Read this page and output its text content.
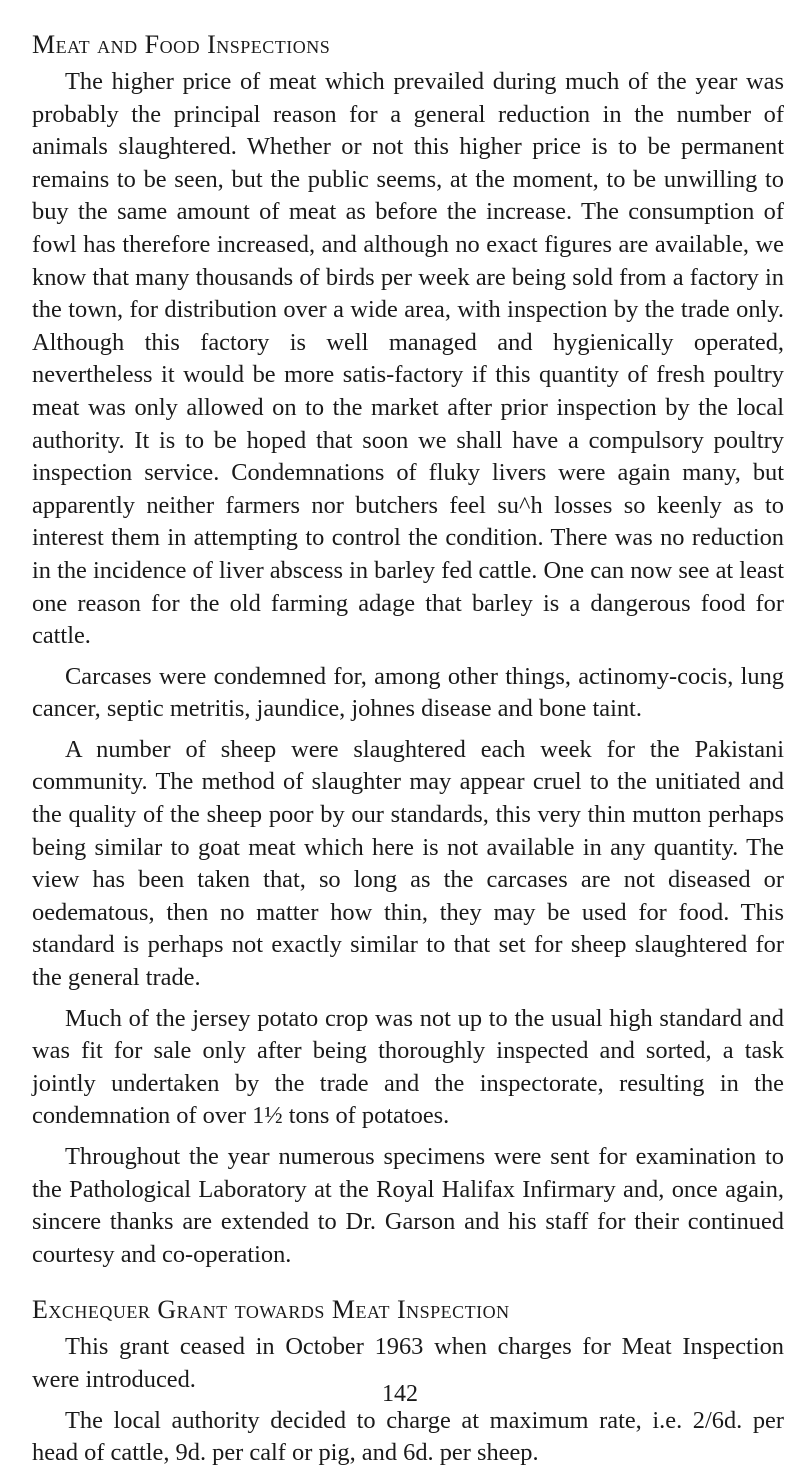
Meat and Food Inspections

The higher price of meat which prevailed during much of the year was probably the principal reason for a general reduction in the number of animals slaughtered. Whether or not this higher price is to be permanent remains to be seen, but the public seems, at the moment, to be unwilling to buy the same amount of meat as before the increase. The consumption of fowl has therefore increased, and although no exact figures are available, we know that many thousands of birds per week are being sold from a factory in the town, for distribution over a wide area, with inspection by the trade only. Although this factory is well managed and hygienically operated, nevertheless it would be more satis-factory if this quantity of fresh poultry meat was only allowed on to the market after prior inspection by the local authority. It is to be hoped that soon we shall have a compulsory poultry inspection service. Condemnations of fluky livers were again many, but apparently neither farmers nor butchers feel su^h losses so keenly as to interest them in attempting to control the condition. There was no reduction in the incidence of liver abscess in barley fed cattle. One can now see at least one reason for the old farming adage that barley is a dangerous food for cattle.

Carcases were condemned for, among other things, actinomy-cocis, lung cancer, septic metritis, jaundice, johnes disease and bone taint.

A number of sheep were slaughtered each week for the Pakistani community. The method of slaughter may appear cruel to the unitiated and the quality of the sheep poor by our standards, this very thin mutton perhaps being similar to goat meat which here is not available in any quantity. The view has been taken that, so long as the carcases are not diseased or oedematous, then no matter how thin, they may be used for food. This standard is perhaps not exactly similar to that set for sheep slaughtered for the general trade.

Much of the jersey potato crop was not up to the usual high standard and was fit for sale only after being thoroughly inspected and sorted, a task jointly undertaken by the trade and the inspectorate, resulting in the condemnation of over 1½ tons of potatoes.

Throughout the year numerous specimens were sent for examination to the Pathological Laboratory at the Royal Halifax Infirmary and, once again, sincere thanks are extended to Dr. Garson and his staff for their continued courtesy and co-operation.

Exchequer Grant towards Meat Inspection

This grant ceased in October 1963 when charges for Meat Inspection were introduced.

The local authority decided to charge at maximum rate, i.e. 2/6d. per head of cattle, 9d. per calf or pig, and 6d. per sheep.

142
